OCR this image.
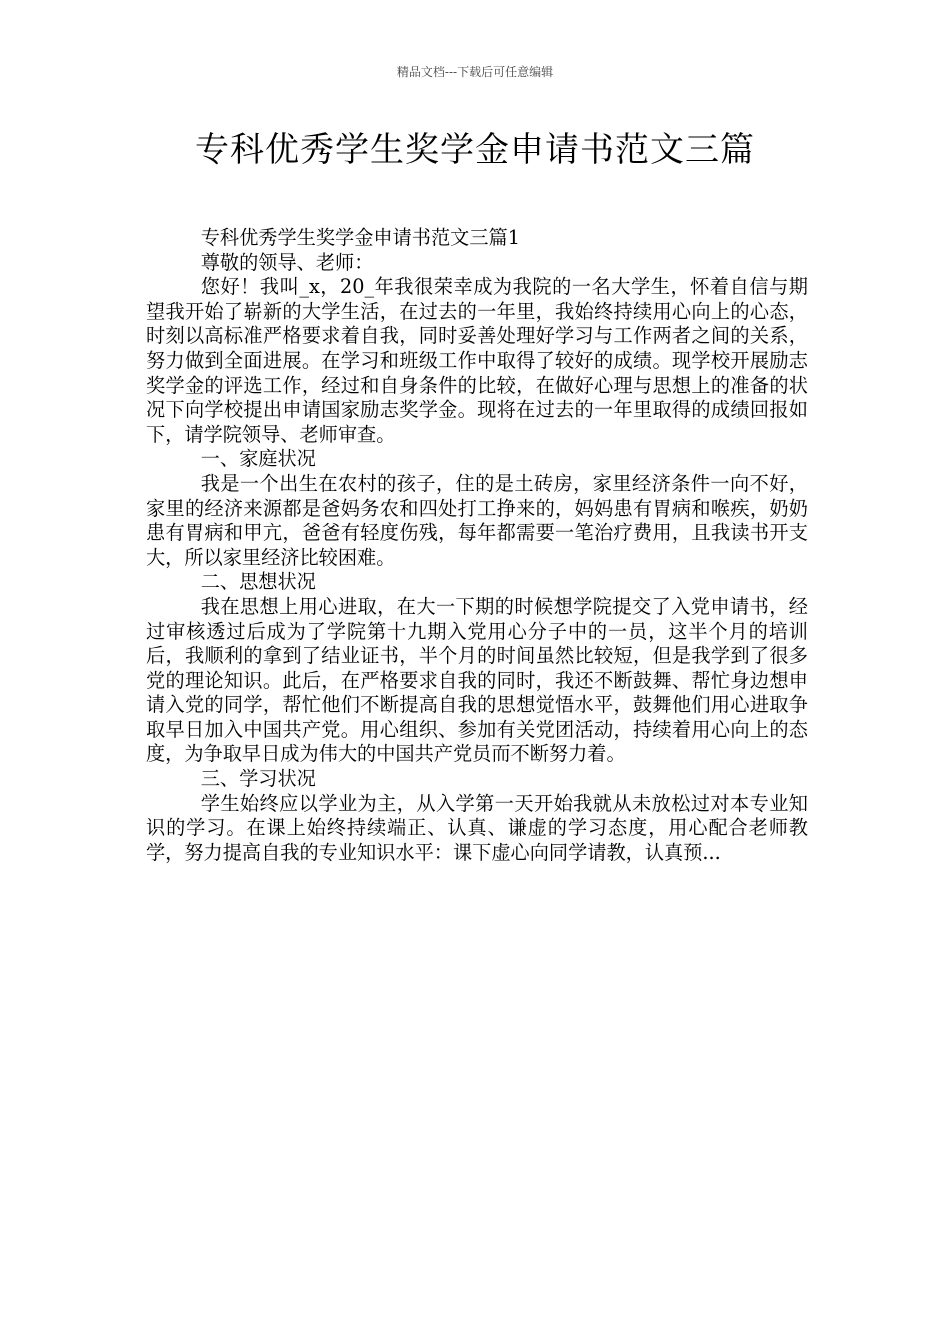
精品文档---下载后可任意编辑
专科优秀学生奖学金申请书范文三篇

专科优秀学生奖学金申请书范文三篇1

尊敬的领导、老师：

您好！我叫_x，20_年我很荣幸成为我院的一名大学生，怀着自信与期望我开始了崭新的大学生活，在过去的一年里，我始终持续用心向上的心态，时刻以高标准严格要求着自我，同时妥善处理好学习与工作两者之间的关系，努力做到全面进展。在学习和班级工作中取得了较好的成绩。现学校开展励志奖学金的评选工作，经过和自身条件的比较，在做好心理与思想上的准备的状况下向学校提出申请国家励志奖学金。现将在过去的一年里取得的成绩回报如下，请学院领导、老师审查。

一、家庭状况

我是一个出生在农村的孩子，住的是土砖房，家里经济条件一向不好，家里的经济来源都是爸妈务农和四处打工挣来的，妈妈患有胃病和喉疾，奶奶患有胃病和甲亢，爸爸有轻度伤残，每年都需要一笔治疗费用，且我读书开支大，所以家里经济比较困难。

二、思想状况

我在思想上用心进取，在大一下期的时候想学院提交了入党申请书，经过审核透过后成为了学院第十九期入党用心分子中的一员，这半个月的培训后，我顺利的拿到了结业证书，半个月的时间虽然比较短，但是我学到了很多党的理论知识。此后，在严格要求自我的同时，我还不断鼓舞、帮忙身边想申请入党的同学，帮忙他们不断提高自我的思想觉悟水平，鼓舞他们用心进取争取早日加入中国共产党。用心组织、参加有关党团活动，持续着用心向上的态度，为争取早日成为伟大的中国共产党员而不断努力着。

三、学习状况

学生始终应以学业为主，从入学第一天开始我就从未放松过对本专业知识的学习。在课上始终持续端正、认真、谦虚的学习态度，用心配合老师教学，努力提高自我的专业知识水平：课下虚心向同学请教，认真预...
